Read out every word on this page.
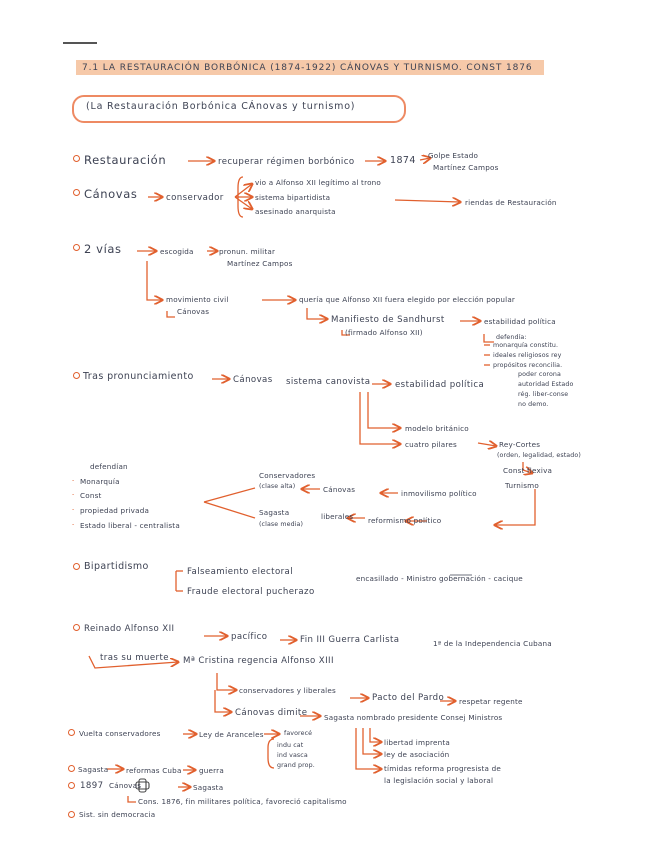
7.1 LA RESTAURACIÓN BORBÓNICA (1874-1922) CÁNOVAS Y TURNISMO. CONST 1876
(La Restauración Borbónica CÁnovas y turnismo)
Restauración	recuperar régimen borbónico	1874 Golpe Estado
Martínez Campos
Cánovas	conservador
vio a Alfonso XII legítimo al trono
sistema bipartidista
asesinado anarquista
riendas de Restauración
2 vías	escogida	pronun. militar
Martínez Campos
movimiento civil
Cánovas
quería que Alfonso XII fuera elegido por elección popular
Manifiesto de Sandhurst
(firmado Alfonso XII)
estabilidad política
defendía:
monarquía constitu.
ideales religiosos rey
propósitos reconcilia.
Tras pronunciamiento	Cánovas sistema canovista	estabilidad política
poder corona
autoridad Estado
rég. liber-conse
no demo.
modelo británico
cuatro pilares	Rey-Cortes
(orden, legalidad, estado)
Const flexiva
Turnismo
defendían
Monarquía
Const
propiedad privada
Estado liberal - centralista
-
-
-
-
Conservadores
(clase alta)	Cánovas	inmovilismo político
Sagasta
(clase media)
liberales reformismo político
Bipartidismo	Falseamiento electoral
Fraude electoral pucherazo
encasillado - Ministro gobernación - cacique
Reinado Alfonso XII
pacífico	Fin III Guerra Carlista	1ª de la Independencia Cubana
tras su muerte Mª Cristina regencia Alfonso XIII
conservadores y liberales
Pacto del Pardo respetar regente
Cánovas dimite Sagasta nombrado presidente Consej Ministros
libertad imprenta
ley de asociación
tímidas reforma progresista de
la legislación social y laboral
Vuelta conservadores	Ley de Aranceles	favorecé
indu cat
ind vasca
grand prop.
Sagasta reformas Cuba guerra
1897 Cánovas	Sagasta
Cons. 1876, fin militares política, favoreció capitalismo
Sist. sin democracia
